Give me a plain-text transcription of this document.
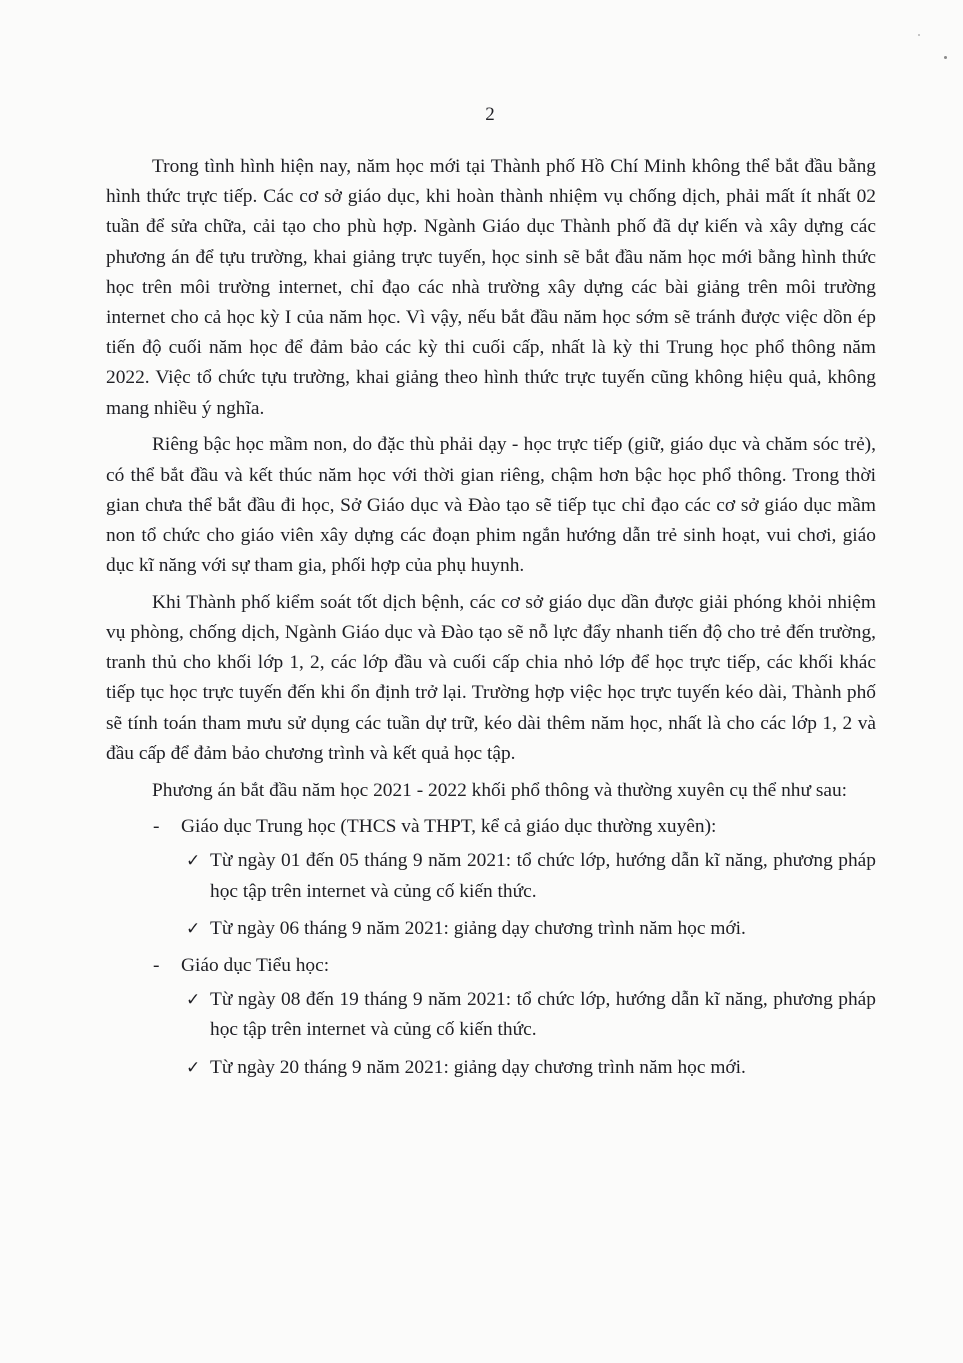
2

Trong tình hình hiện nay, năm học mới tại Thành phố Hồ Chí Minh không thể bắt đầu bằng hình thức trực tiếp. Các cơ sở giáo dục, khi hoàn thành nhiệm vụ chống dịch, phải mất ít nhất 02 tuần để sửa chữa, cải tạo cho phù hợp. Ngành Giáo dục Thành phố đã dự kiến và xây dựng các phương án để tựu trường, khai giảng trực tuyến, học sinh sẽ bắt đầu năm học mới bằng hình thức học trên môi trường internet, chỉ đạo các nhà trường xây dựng các bài giảng trên môi trường internet cho cả học kỳ I của năm học. Vì vậy, nếu bắt đầu năm học sớm sẽ tránh được việc dồn ép tiến độ cuối năm học để đảm bảo các kỳ thi cuối cấp, nhất là kỳ thi Trung học phổ thông năm 2022. Việc tổ chức tựu trường, khai giảng theo hình thức trực tuyến cũng không hiệu quả, không mang nhiều ý nghĩa.

Riêng bậc học mầm non, do đặc thù phải dạy - học trực tiếp (giữ, giáo dục và chăm sóc trẻ), có thể bắt đầu và kết thúc năm học với thời gian riêng, chậm hơn bậc học phổ thông. Trong thời gian chưa thể bắt đầu đi học, Sở Giáo dục và Đào tạo sẽ tiếp tục chỉ đạo các cơ sở giáo dục mầm non tổ chức cho giáo viên xây dựng các đoạn phim ngắn hướng dẫn trẻ sinh hoạt, vui chơi, giáo dục kĩ năng với sự tham gia, phối hợp của phụ huynh.

Khi Thành phố kiểm soát tốt dịch bệnh, các cơ sở giáo dục dần được giải phóng khỏi nhiệm vụ phòng, chống dịch, Ngành Giáo dục và Đào tạo sẽ nỗ lực đẩy nhanh tiến độ cho trẻ đến trường, tranh thủ cho khối lớp 1, 2, các lớp đầu và cuối cấp chia nhỏ lớp để học trực tiếp, các khối khác tiếp tục học trực tuyến đến khi ổn định trở lại. Trường hợp việc học trực tuyến kéo dài, Thành phố sẽ tính toán tham mưu sử dụng các tuần dự trữ, kéo dài thêm năm học, nhất là cho các lớp 1, 2 và đầu cấp để đảm bảo chương trình và kết quả học tập.

Phương án bắt đầu năm học 2021 - 2022 khối phổ thông và thường xuyên cụ thể như sau:

- Giáo dục Trung học (THCS và THPT, kể cả giáo dục thường xuyên):
✓ Từ ngày 01 đến 05 tháng 9 năm 2021: tổ chức lớp, hướng dẫn kĩ năng, phương pháp học tập trên internet và củng cố kiến thức.
✓ Từ ngày 06 tháng 9 năm 2021: giảng dạy chương trình năm học mới.
- Giáo dục Tiểu học:
✓ Từ ngày 08 đến 19 tháng 9 năm 2021: tổ chức lớp, hướng dẫn kĩ năng, phương pháp học tập trên internet và củng cố kiến thức.
✓ Từ ngày 20 tháng 9 năm 2021: giảng dạy chương trình năm học mới.
